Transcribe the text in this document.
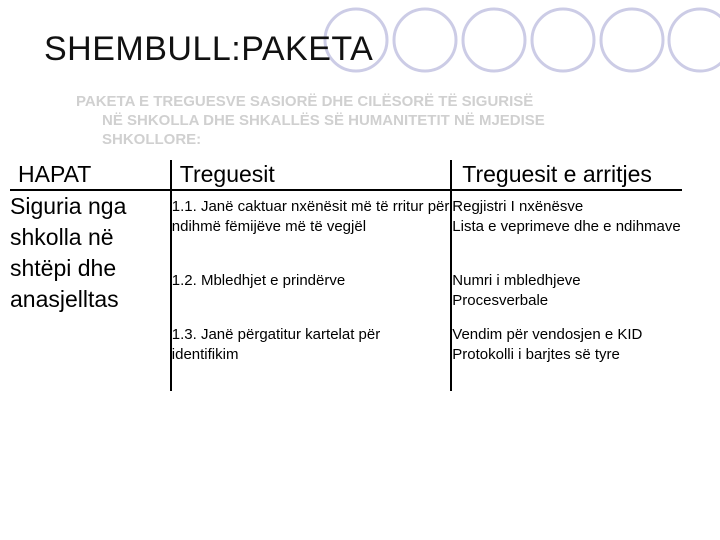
SHEMBULL:PAKETA
PAKETA E TREGUESVE SASIORË DHE CILËSORË TË SIGURISË
NË SHKOLLA DHE SHKALLËS SË HUMANITETIT NË MJEDISE
SHKOLLORE:
HAPAT	Treguesit	Treguesit e arritjes
Siguria nga shkolla në shtëpi dhe anasjelltas	1.1. Janë caktuar nxënësit më të rritur për ndihmë fëmijëve më të vegjël	Regjistri I nxënësve
Lista e veprimeve dhe e ndihmave

	1.2. Mbledhjet e prindërve	Numri i mbledhjeve
Procesverbale

	1.3. Janë përgatitur kartelat për identifikim	Vendim për vendosjen e KID
Protokolli i barjtes së tyre
